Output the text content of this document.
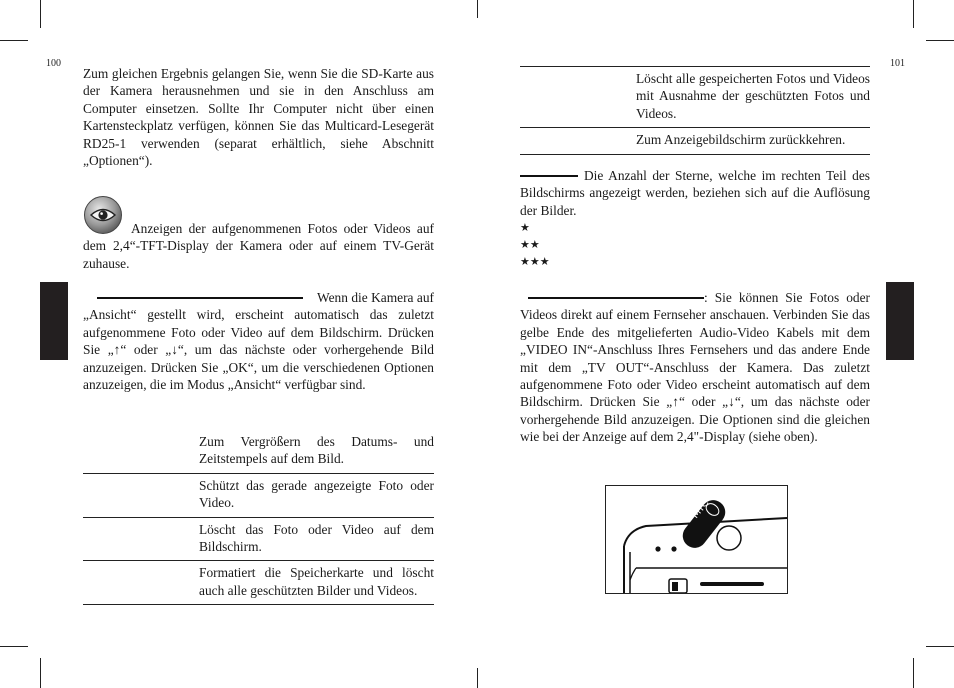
100	101

Zum gleichen Ergebnis gelangen Sie, wenn Sie die SD-Karte aus der Kamera herausnehmen und sie in den Anschluss am Computer einsetzen. Sollte Ihr Computer nicht über einen Kartensteckplatz verfügen, können Sie das Multicard-Lesegerät RD25-1 verwenden (separat erhältlich, siehe Abschnitt „Optionen“).

Anzeigen der aufgenommenen Fotos oder Videos auf dem 2,4“-TFT-Display der Kamera oder auf einem TV-Gerät zuhause.

Wenn die Kamera auf „Ansicht“ gestellt wird, erscheint automatisch das zuletzt aufgenommene Foto oder Video auf dem Bildschirm. Drücken Sie „↑“ oder „↓“, um das nächste oder vorhergehende Bild anzuzeigen. Drücken Sie „OK“, um die verschiedenen Optionen anzuzeigen, die im Modus „Ansicht“ verfügbar sind.
Zum Vergrößern des Datums- und Zeitstempels auf dem Bild.
Schützt das gerade angezeigte Foto oder Video.
Löscht das Foto oder Video auf dem Bildschirm.
Formatiert die Speicherkarte und löscht auch alle geschützten Bilder und Videos.
Löscht alle gespeicherten Fotos und Videos mit Ausnahme der geschützten Fotos und Videos.
Zum Anzeigebildschirm zurückkehren.
Die Anzahl der Sterne, welche im rechten Teil des Bildschirms angezeigt werden, beziehen sich auf die Auflösung der Bilder.
★
★★
★★★
: Sie können Sie Fotos oder Videos direkt auf einem Fernseher anschauen. Verbinden Sie das gelbe Ende des mitgelieferten Audio-Video Kabels mit dem „VIDEO IN“-Anschluss Ihres Fernsehers und das andere Ende mit dem „TV OUT“-Anschluss der Kamera. Das zuletzt aufgenommene Foto oder Video erscheint automatisch auf dem Bildschirm. Drücken Sie „↑“ oder „↓“, um das nächste oder vorhergehende Bild anzuzeigen. Die Optionen sind die gleichen wie bei der Anzeige auf dem 2,4"-Display (siehe oben).
MIC
